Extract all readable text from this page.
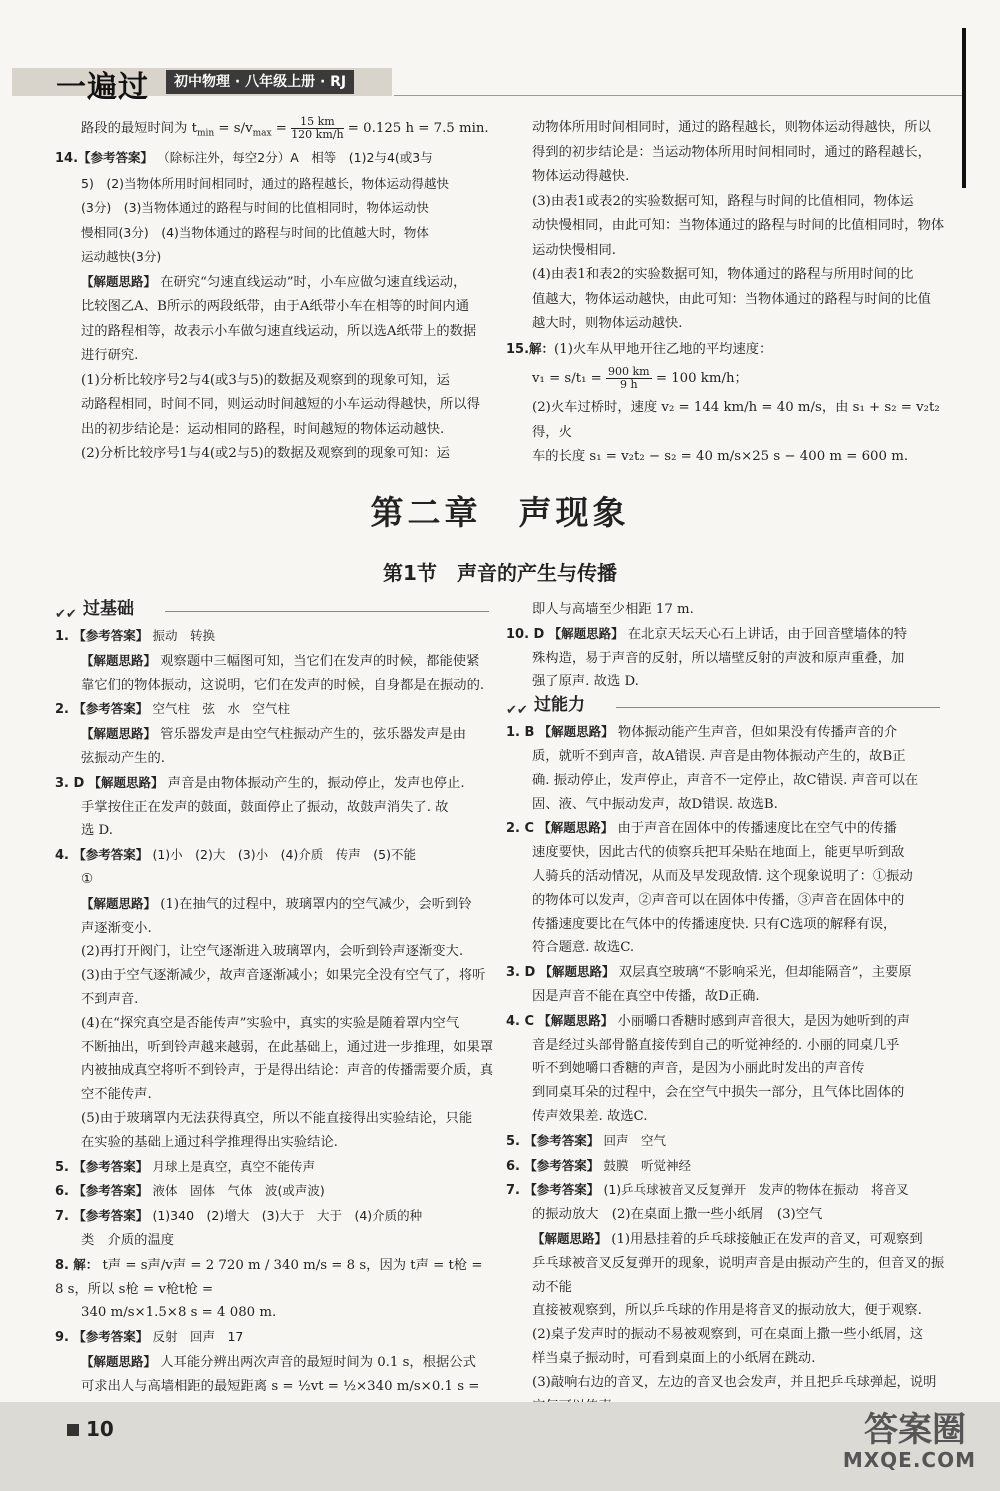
一遍过	初中物理 · 八年级上册 · RJ

路段的最短时间为 $t_{min} = s/v_{max} = \frac{15 km}{120 km/h} = 0.125$ h = 7.5 min.

14.【参考答案】 （除标注外，每空2分）A　相等　(1)2与4(或3与

5)　(2)当物体所用时间相同时，通过的路程越长，物体运动得越快

(3分)　(3)当物体通过的路程与时间的比值相同时，物体运动快

慢相同(3分)　(4)当物体通过的路程与时间的比值越大时，物体

运动越快(3分)

【解题思路】 在研究“匀速直线运动”时，小车应做匀速直线运动，

比较图乙A、B所示的两段纸带，由于A纸带小车在相等的时间内通

过的路程相等，故表示小车做匀速直线运动，所以选A纸带上的数据

进行研究.

(1)分析比较序号2与4(或3与5)的数据及观察到的现象可知，运

动路程相同，时间不同，则运动时间越短的小车运动得越快，所以得

出的初步结论是：运动相同的路程，时间越短的物体运动越快.

(2)分析比较序号1与4(或2与5)的数据及观察到的现象可知：运

动物体所用时间相同时，通过的路程越长，则物体运动得越快，所以

得到的初步结论是：当运动物体所用时间相同时，通过的路程越长，

物体运动得越快.

(3)由表1或表2的实验数据可知，路程与时间的比值相同，物体运

动快慢相同，由此可知：当物体通过的路程与时间的比值相同时，物体

运动快慢相同.

(4)由表1和表2的实验数据可知，物体通过的路程与所用时间的比

值越大，物体运动越快，由此可知：当物体通过的路程与时间的比值

越大时，则物体运动越快.

15.解：(1)火车从甲地开往乙地的平均速度：

$v_1 = s/t_1 = \frac{900 km}{9 h} = 100$ km/h；

(2)火车过桥时，速度 v₂ = 144 km/h = 40 m/s，由 s₁ + s₂ = v₂t₂ 得，火

车的长度 s₁ = v₂t₂ − s₂ = 40 m/s×25 s − 400 m = 600 m.

第二章　声现象
第1节　声音的产生与传播
✔✔ 过基础

1. 【参考答案】 振动　转换

【解题思路】 观察题中三幅图可知，当它们在发声的时候，都能使紧

靠它们的物体振动，这说明，它们在发声的时候，自身都是在振动的.

2. 【参考答案】 空气柱　弦　水　空气柱

【解题思路】 管乐器发声是由空气柱振动产生的，弦乐器发声是由

弦振动产生的.

3. D 【解题思路】 声音是由物体振动产生的，振动停止，发声也停止.

手掌按住正在发声的鼓面，鼓面停止了振动，故鼓声消失了. 故

选 D.

4. 【参考答案】 (1)小　(2)大　(3)小　(4)介质　传声　(5)不能

①

【解题思路】 (1)在抽气的过程中，玻璃罩内的空气减少，会听到铃

声逐渐变小.

(2)再打开阀门，让空气逐渐进入玻璃罩内，会听到铃声逐渐变大.

(3)由于空气逐渐减少，故声音逐渐减小；如果完全没有空气了，将听

不到声音.

(4)在“探究真空是否能传声”实验中，真实的实验是随着罩内空气

不断抽出，听到铃声越来越弱，在此基础上，通过进一步推理，如果罩

内被抽成真空将听不到铃声，于是得出结论：声音的传播需要介质，真

空不能传声.

(5)由于玻璃罩内无法获得真空，所以不能直接得出实验结论，只能

在实验的基础上通过科学推理得出实验结论.

5. 【参考答案】 月球上是真空，真空不能传声

6. 【参考答案】 液体　固体　气体　波(或声波)

7. 【参考答案】 (1)340　(2)增大　(3)大于　大于　(4)介质的种

类　介质的温度

8. 解： t声 = s声/v声 = 2 720 m / 340 m/s = 8 s，因为 t声 = t枪 = 8 s，所以 s枪 = v枪t枪 =

340 m/s×1.5×8 s = 4 080 m.

9. 【参考答案】 反射　回声　17

【解题思路】 人耳能分辨出两次声音的最短时间为 0.1 s，根据公式

可求出人与高墙相距的最短距离 s = ½vt = ½×340 m/s×0.1 s =

即人与高墙至少相距 17 m.

10. D 【解题思路】 在北京天坛天心石上讲话，由于回音壁墙体的特

殊构造，易于声音的反射，所以墙壁反射的声波和原声重叠，加

强了原声. 故选 D.

✔✔ 过能力

1. B 【解题思路】 物体振动能产生声音，但如果没有传播声音的介

质，就听不到声音，故A错误. 声音是由物体振动产生的，故B正

确. 振动停止，发声停止，声音不一定停止，故C错误. 声音可以在

固、液、气中振动发声，故D错误. 故选B.

2. C 【解题思路】 由于声音在固体中的传播速度比在空气中的传播

速度要快，因此古代的侦察兵把耳朵贴在地面上，能更早听到敌

人骑兵的活动情况，从而及早发现敌情. 这个现象说明了：①振动

的物体可以发声，②声音可以在固体中传播，③声音在固体中的

传播速度要比在气体中的传播速度快. 只有C选项的解释有误，

符合题意. 故选C.

3. D 【解题思路】 双层真空玻璃“不影响采光，但却能隔音”，主要原

因是声音不能在真空中传播，故D正确.

4. C 【解题思路】 小丽嚼口香糖时感到声音很大，是因为她听到的声

音是经过头部骨骼直接传到自己的听觉神经的. 小丽的同桌几乎

听不到她嚼口香糖的声音，是因为小丽此时发出的声音传

到同桌耳朵的过程中，会在空气中损失一部分，且气体比固体的

传声效果差. 故选C.

5. 【参考答案】 回声　空气

6. 【参考答案】 鼓膜　听觉神经

7. 【参考答案】 (1)乒乓球被音叉反复弹开　发声的物体在振动　将音叉

的振动放大　(2)在桌面上撒一些小纸屑　(3)空气

【解题思路】 (1)用悬挂着的乒乓球接触正在发声的音叉，可观察到

乒乓球被音叉反复弹开的现象，说明声音是由振动产生的，但音叉的振动不能

直接被观察到，所以乒乓球的作用是将音叉的振动放大，便于观察.

(2)桌子发声时的振动不易被观察到，可在桌面上撒一些小纸屑，这

样当桌子振动时，可看到桌面上的小纸屑在跳动.

(3)敲响右边的音叉，左边的音叉也会发声，并且把乒乓球弹起，说明

10	答案圈
MXQE.COM
